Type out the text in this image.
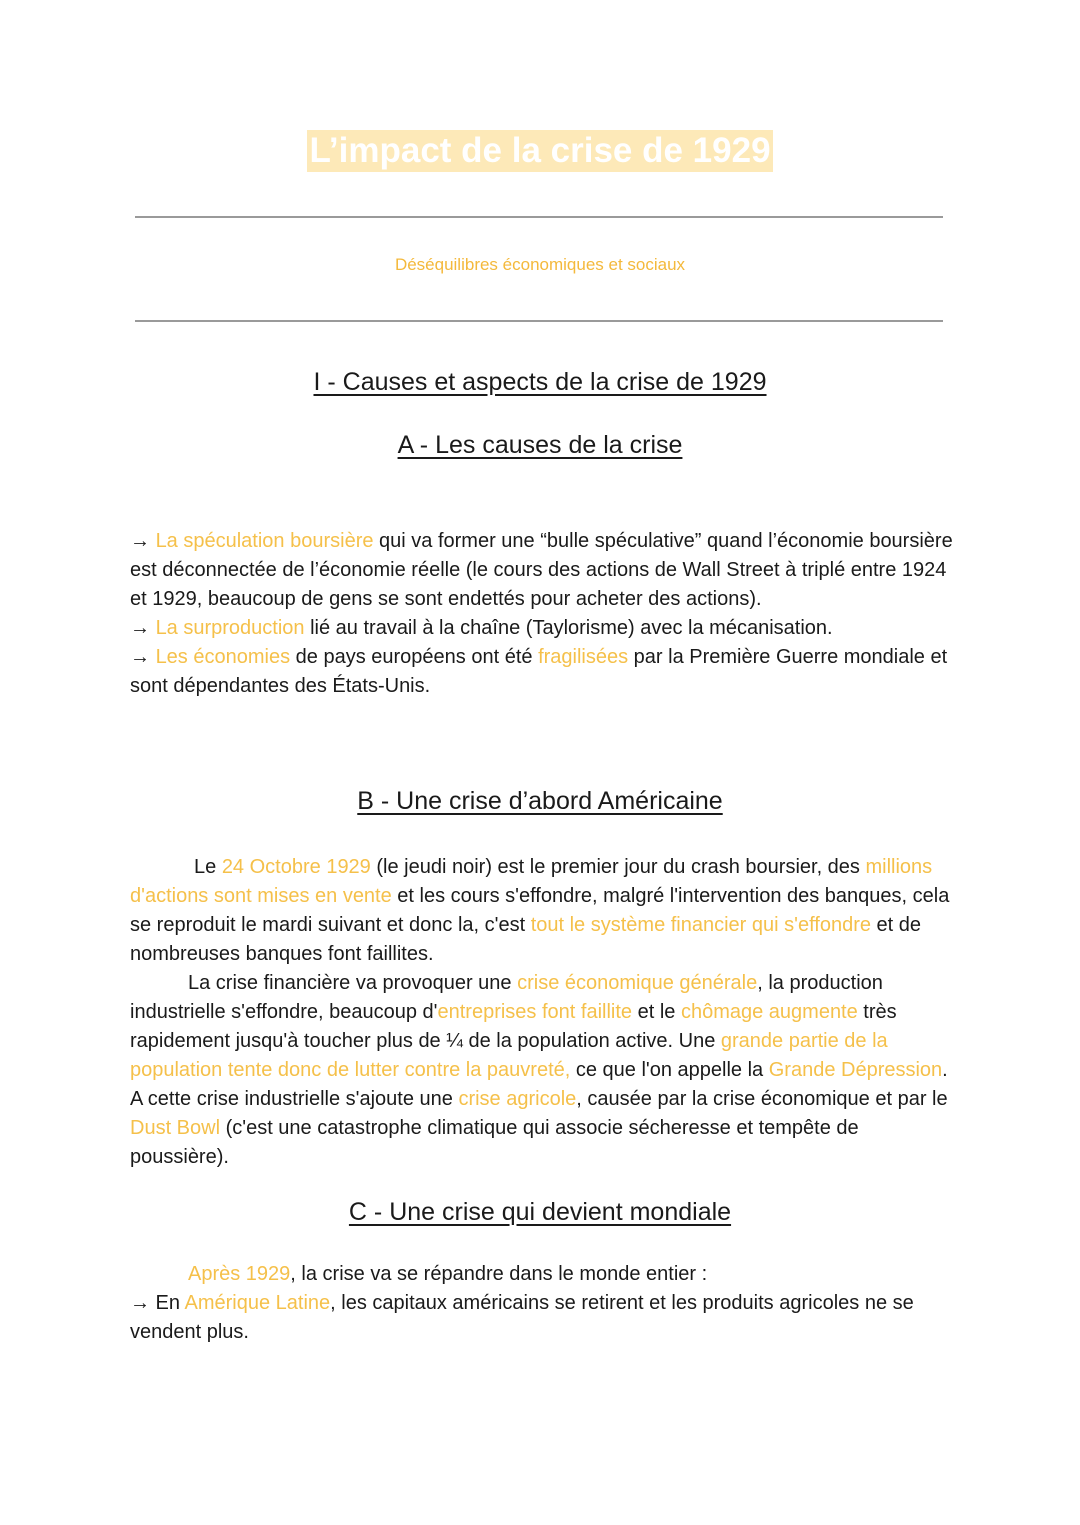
L’impact de la crise de 1929
Déséquilibres économiques et sociaux
I - Causes et aspects de la crise de 1929
A - Les causes de la crise
→ La spéculation boursière qui va former une “bulle spéculative” quand l’économie boursière est déconnectée de l’économie réelle (le cours des actions de Wall Street à triplé entre 1924 et 1929, beaucoup de gens se sont endettés pour acheter des actions).
→ La surproduction lié au travail à la chaîne (Taylorisme) avec la mécanisation.
→ Les économies de pays européens ont été fragilisées par la Première Guerre mondiale et sont dépendantes des États-Unis.
B - Une crise d’abord Américaine
Le 24 Octobre 1929 (le jeudi noir) est le premier jour du crash boursier, des millions d'actions sont mises en vente et les cours s'effondre, malgré l'intervention des banques, cela se reproduit le mardi suivant et donc la, c'est tout le système financier qui s'effondre et de nombreuses banques font faillites.
La crise financière va provoquer une crise économique générale, la production industrielle s'effondre, beaucoup d'entreprises font faillite et le chômage augmente très rapidement jusqu'à toucher plus de ¼ de la population active. Une grande partie de la population tente donc de lutter contre la pauvreté, ce que l'on appelle la Grande Dépression. A cette crise industrielle s'ajoute une crise agricole, causée par la crise économique et par le Dust Bowl (c'est une catastrophe climatique qui associe sécheresse et tempête de poussière).
C - Une crise qui devient mondiale
Après 1929, la crise va se répandre dans le monde entier :
→ En Amérique Latine, les capitaux américains se retirent et les produits agricoles ne se vendent plus.
